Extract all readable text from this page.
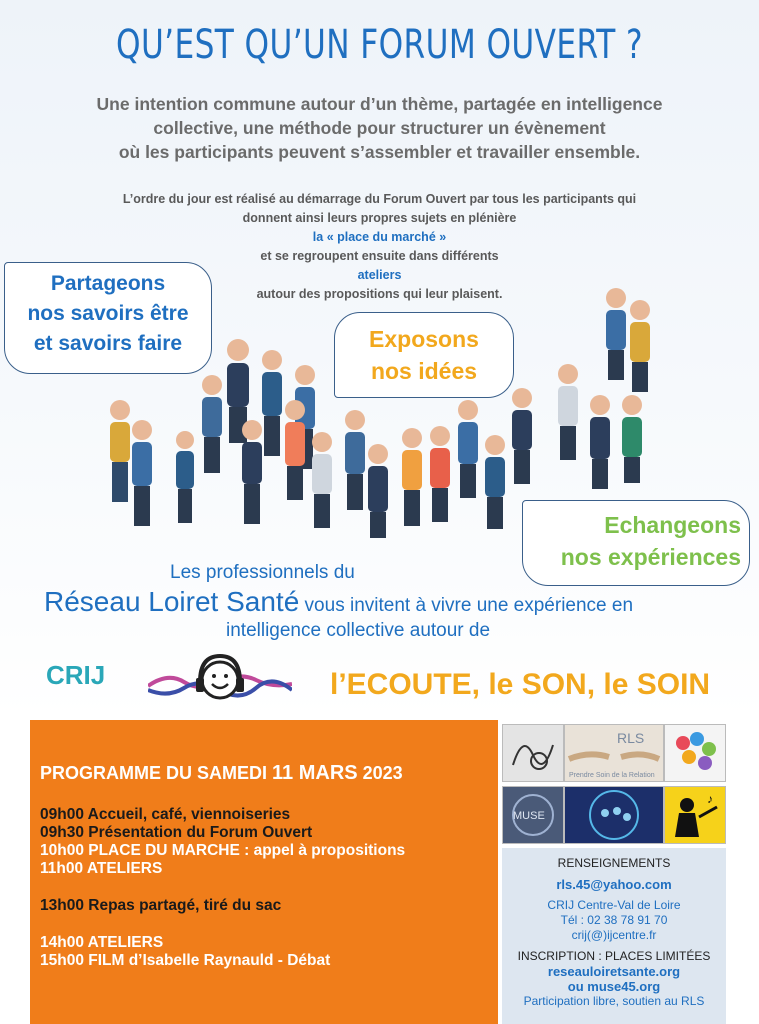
QU’EST QU’UN FORUM OUVERT ?
Une intention commune autour d’un thème, partagée en intelligence
collective, une méthode pour structurer un évènement
où les participants peuvent s’assembler et travailler ensemble.
L’ordre du jour est réalisé au démarrage du Forum Ouvert par tous les participants qui
donnent ainsi leurs propres sujets en plénière
la « place du marché »
et se regroupent ensuite dans différents
ateliers
autour des propositions qui leur plaisent.
Partageons
nos savoirs être
et savoirs faire	Exposons
nos idées
Echangeons
nos expériences
Les professionnels du
Réseau Loiret Santé vous invitent à vivre une expérience en
intelligence collective autour de
CRIJ	l’ECOUTE, le SON, le SOIN
PROGRAMME DU SAMEDI 11 MARS 2023
09h00 Accueil, café, viennoiseries
09h30 Présentation du Forum Ouvert
10h00 PLACE DU MARCHE : appel à propositions
11h00 ATELIERS
13h00 Repas partagé, tiré du sac
14h00 ATELIERS
15h00 FILM d’Isabelle Raynauld - Débat
RLS
Prendre Soin de la Relation
MUSE
♪
RENSEIGNEMENTS
rls.45@yahoo.com
CRIJ Centre-Val de Loire
Tél : 02 38 78 91 70
crij(@)ijcentre.fr
INSCRIPTION : PLACES LIMITÉES
reseauloiretsante.org
ou muse45.org
Participation libre, soutien au RLS
